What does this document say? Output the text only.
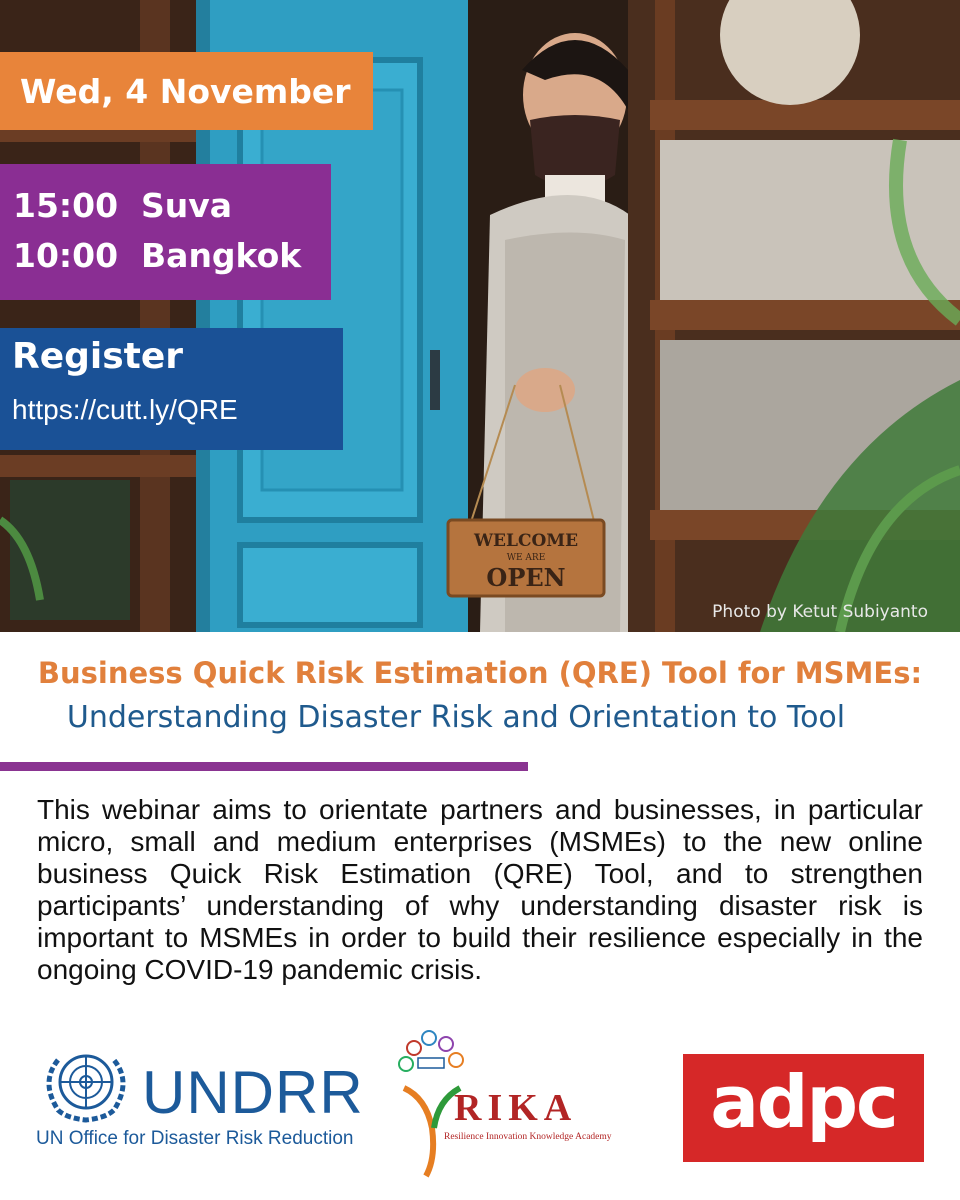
WELCOME
WE ARE
OPEN
Wed, 4 November
15:00  Suva
10:00  Bangkok
Register
https://cutt.ly/QRE
Photo by Ketut Subiyanto
Business Quick Risk Estimation (QRE) Tool for MSMEs:
Understanding Disaster Risk and Orientation to Tool
This webinar aims to orientate partners and businesses, in particular micro, small and medium enterprises (MSMEs) to the new online business Quick Risk Estimation (QRE) Tool, and to strengthen participants’ understanding of why understanding disaster risk is important to MSMEs in order to build their resilience especially in the ongoing COVID-19 pandemic crisis.
UNDRR
UN Office for Disaster Risk Reduction
RIKA
Resilience Innovation Knowledge Academy	adpc
